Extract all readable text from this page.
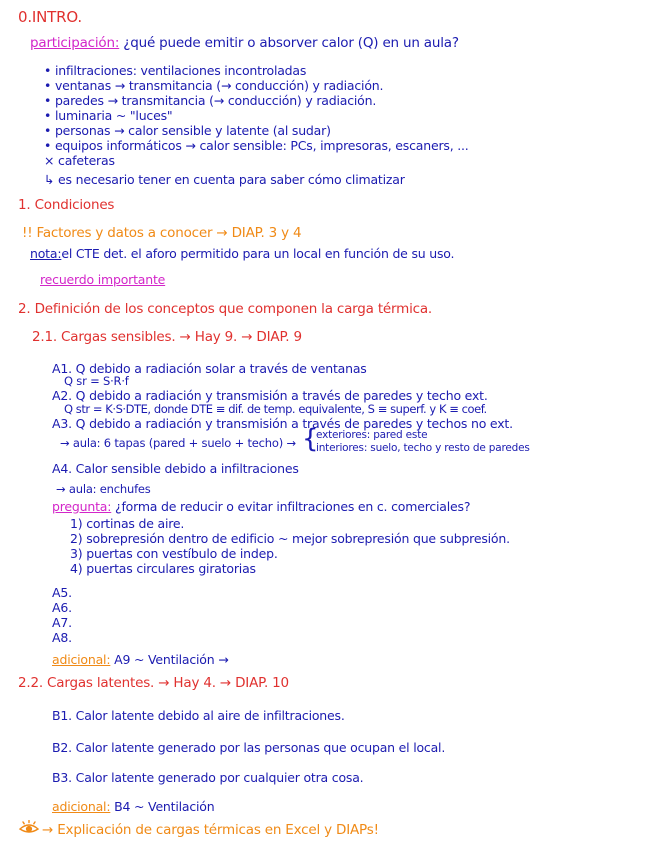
0.INTRO.
participación: ¿qué puede emitir o absorver calor (Q) en un aula?
• infiltraciones: ventilaciones incontroladas
• ventanas → transmitancia (→ conducción) y radiación.
• paredes → transmitancia (→ conducción) y radiación.
• luminaria ~ "luces"
• personas → calor sensible y latente (al sudar)
• equipos informáticos → calor sensible: PCs, impresoras, escaners, ...
× cafeteras
↳ es necesario tener en cuenta para saber cómo climatizar
1. Condiciones
!! Factores y datos a conocer → DIAP. 3 y 4
nota:el CTE det. el aforo permitido para un local en función de su uso.
recuerdo importante
2. Definición de los conceptos que componen la carga térmica.
2.1. Cargas sensibles. → Hay 9. → DIAP. 9
A1. Q debido a radiación solar a través de ventanas
Q sr = S·R·f
A2. Q debido a radiación y transmisión a través de paredes y techo ext.
Q str = K·S·DTE, donde DTE ≡ dif. de temp. equivalente, S ≡ superf. y K ≡ coef.
A3. Q debido a radiación y transmisión a través de paredes y techos no ext.
→ aula: 6 tapas (pared + suelo + techo) → {
exteriores: pared este
interiores: suelo, techo y resto de paredes
A4. Calor sensible debido a infiltraciones
→ aula: enchufes
pregunta: ¿forma de reducir o evitar infiltraciones en c. comerciales?
1) cortinas de aire.
2) sobrepresión dentro de edificio ~ mejor sobrepresión que subpresión.
3) puertas con vestíbulo de indep.
4) puertas circulares giratorias
A5.
A6.
A7.
A8.
adicional: A9 ~ Ventilación →
2.2. Cargas latentes. → Hay 4. → DIAP. 10
B1. Calor latente debido al aire de infiltraciones.
B2. Calor latente generado por las personas que ocupan el local.
B3. Calor latente generado por cualquier otra cosa.
adicional: B4 ~ Ventilación
→ Explicación de cargas térmicas en Excel y DIAPs!
